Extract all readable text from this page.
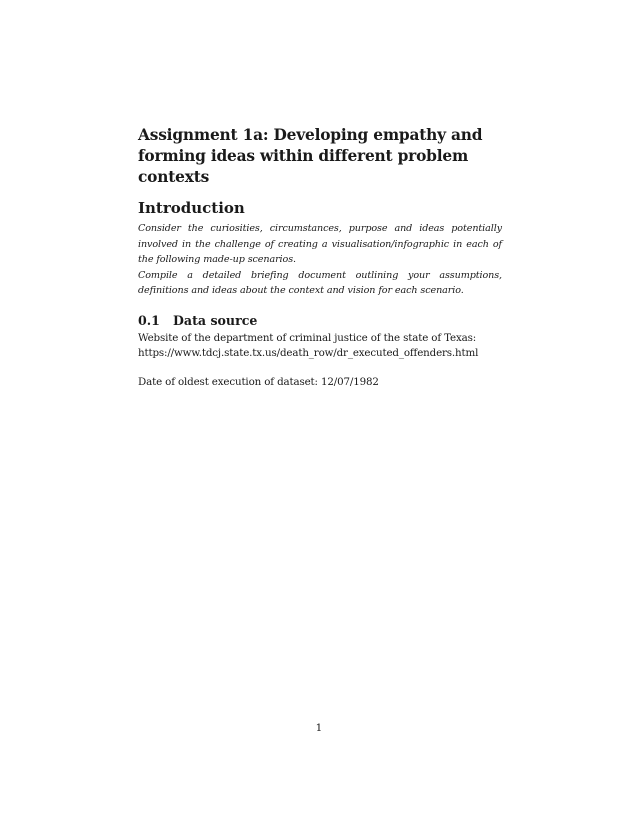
Assignment 1a: Developing empathy and forming ideas within different problem contexts
Introduction

Consider the curiosities, circumstances, purpose and ideas potentially involved in the challenge of creating a visualisation/infographic in each of the following made-up scenarios.

Compile a detailed briefing document outlining your assumptions, definitions and ideas about the context and vision for each scenario.

0.1	Data source

Website of the department of criminal justice of the state of Texas:

https://www.tdcj.state.tx.us/death_row/dr_executed_offenders.html

Date of oldest execution of dataset: 12/07/1982

1
